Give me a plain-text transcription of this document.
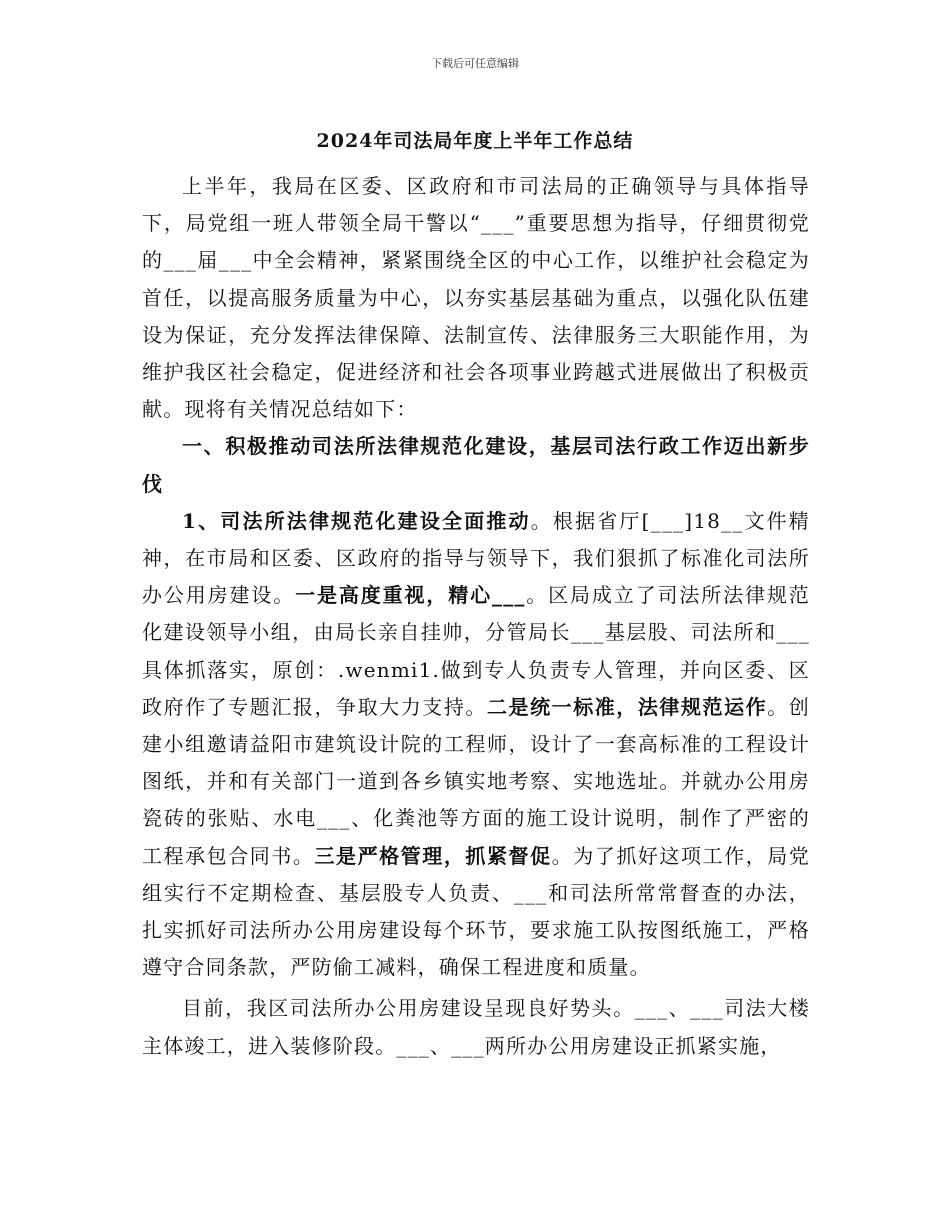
下载后可任意编辑
2024年司法局年度上半年工作总结

上半年，我局在区委、区政府和市司法局的正确领导与具体指导下，局党组一班人带领全局干警以“___”重要思想为指导，仔细贯彻党的___届___中全会精神，紧紧围绕全区的中心工作，以维护社会稳定为首任，以提高服务质量为中心，以夯实基层基础为重点，以强化队伍建设为保证，充分发挥法律保障、法制宣传、法律服务三大职能作用，为维护我区社会稳定，促进经济和社会各项事业跨越式进展做出了积极贡献。现将有关情况总结如下：

一、积极推动司法所法律规范化建设，基层司法行政工作迈出新步伐

1、司法所法律规范化建设全面推动。根据省厅[___]18__文件精神，在市局和区委、区政府的指导与领导下，我们狠抓了标准化司法所办公用房建设。一是高度重视，精心___。区局成立了司法所法律规范化建设领导小组，由局长亲自挂帅，分管局长___基层股、司法所和___具体抓落实，原创：.wenmi1.做到专人负责专人管理，并向区委、区政府作了专题汇报，争取大力支持。二是统一标准，法律规范运作。创建小组邀请益阳市建筑设计院的工程师，设计了一套高标准的工程设计图纸，并和有关部门一道到各乡镇实地考察、实地选址。并就办公用房瓷砖的张贴、水电___、化粪池等方面的施工设计说明，制作了严密的工程承包合同书。三是严格管理，抓紧督促。为了抓好这项工作，局党组实行不定期检查、基层股专人负责、___和司法所常常督查的办法，扎实抓好司法所办公用房建设每个环节，要求施工队按图纸施工，严格遵守合同条款，严防偷工减料，确保工程进度和质量。

目前，我区司法所办公用房建设呈现良好势头。___、___司法大楼主体竣工，进入装修阶段。___、___两所办公用房建设正抓紧实施，
